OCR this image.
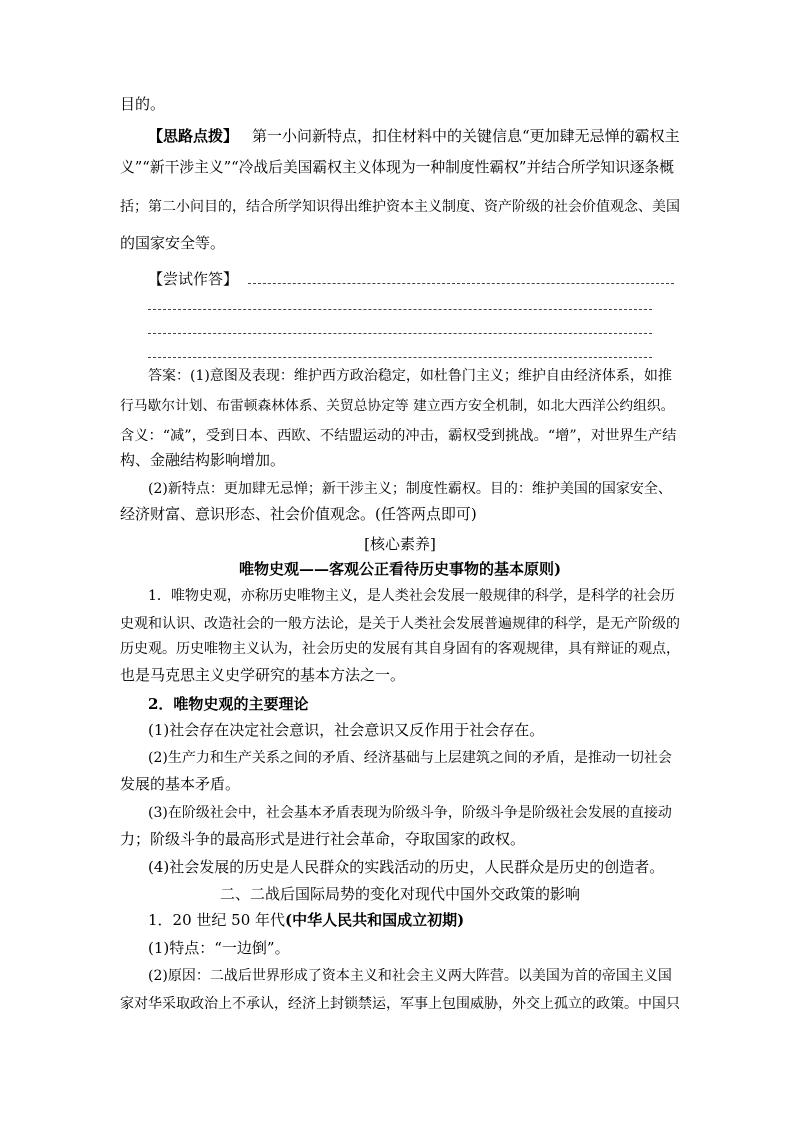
目的。
【思路点拨】 第一小问新特点，扣住材料中的关键信息“更加肆无忌惮的霸权主
义”“新干涉主义”“冷战后美国霸权主义体现为一种制度性霸权”并结合所学知识逐条概
括；第二小问目的，结合所学知识得出维护资本主义制度、资产阶级的社会价值观念、美国
的国家安全等。
【尝试作答】
答案：(1)意图及表现：维护西方政治稳定，如杜鲁门主义；维护自由经济体系，如推
行马歇尔计划、布雷顿森林体系、关贸总协定等 建立西方安全机制，如北大西洋公约组织。
含义：“减”，受到日本、西欧、不结盟运动的冲击，霸权受到挑战。“增”，对世界生产结
构、金融结构影响增加。
(2)新特点：更加肆无忌惮；新干涉主义；制度性霸权。目的：维护美国的国家安全、
经济财富、意识形态、社会价值观念。(任答两点即可)
[核心素养]
唯物史观——客观公正看待历史事物的基本原则)
1．唯物史观，亦称历史唯物主义，是人类社会发展一般规律的科学，是科学的社会历
史观和认识、改造社会的一般方法论，是关于人类社会发展普遍规律的科学，是无产阶级的
历史观。历史唯物主义认为，社会历史的发展有其自身固有的客观规律，具有辩证的观点，
也是马克思主义史学研究的基本方法之一。
2．唯物史观的主要理论
(1)社会存在决定社会意识，社会意识又反作用于社会存在。
(2)生产力和生产关系之间的矛盾、经济基础与上层建筑之间的矛盾，是推动一切社会
发展的基本矛盾。
(3)在阶级社会中，社会基本矛盾表现为阶级斗争，阶级斗争是阶级社会发展的直接动
力；阶级斗争的最高形式是进行社会革命，夺取国家的政权。
(4)社会发展的历史是人民群众的实践活动的历史，人民群众是历史的创造者。
二、二战后国际局势的变化对现代中国外交政策的影响
1．20 世纪 50 年代(中华人民共和国成立初期)
(1)特点：“一边倒”。
(2)原因：二战后世界形成了资本主义和社会主义两大阵营。以美国为首的帝国主义国
家对华采取政治上不承认，经济上封锁禁运，军事上包围威胁，外交上孤立的政策。中国只
